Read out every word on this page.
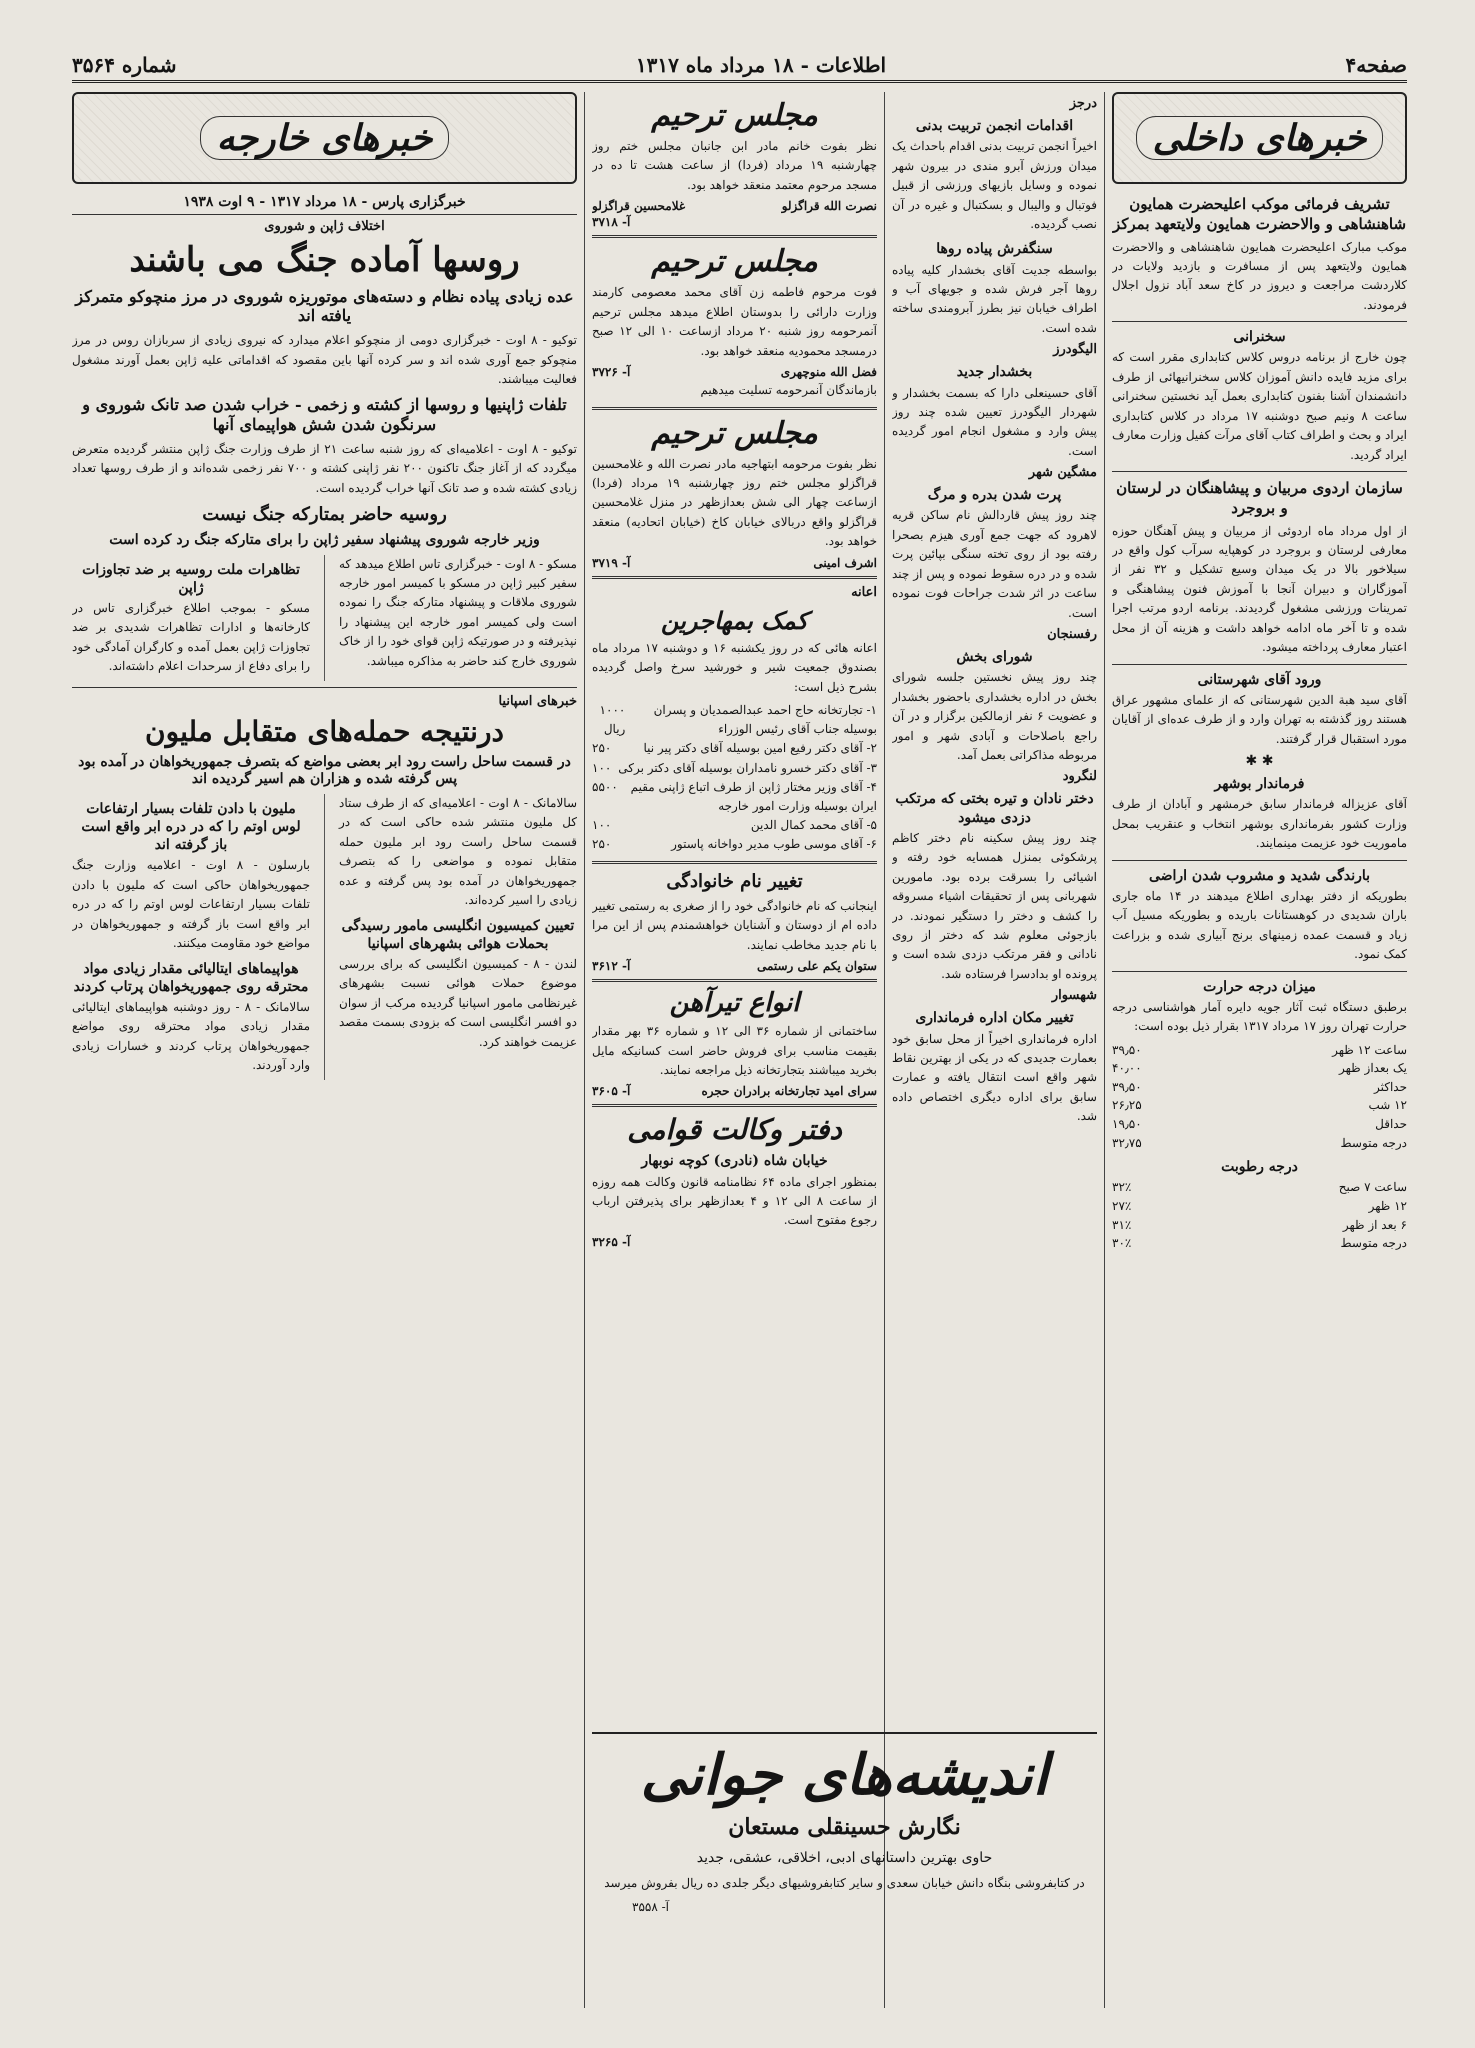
صفحه۴
اطلاعات - ۱۸ مرداد ماه ۱۳۱۷
شماره ۳۵۶۴
خبرهای داخلی
تشریف فرمائی موکب اعلیحضرت همایون شاهنشاهی و والاحضرت همایون ولایتعهد بمرکز

موکب مبارک اعلیحضرت همایون شاهنشاهی و والاحضرت همایون ولایتعهد پس از مسافرت و بازدید ولایات در کلاردشت مراجعت و دیروز در کاخ سعد آباد نزول اجلال فرمودند.

سخنرانی

چون خارج از برنامه دروس کلاس کتابداری مقرر است که برای مزید فایده دانش آموزان کلاس سخنرانیهائی از طرف دانشمندان آشنا بفنون کتابداری بعمل آید نخستین سخنرانی ساعت ۸ ونیم صبح دوشنبه ۱۷ مرداد در کلاس کتابداری ایراد و بحث و اطراف کتاب آقای مرآت کفیل وزارت معارف ایراد گردید.

سازمان اردوی مربیان و پیشاهنگان در لرستان و بروجرد

از اول مرداد ماه اردوئی از مربیان و پیش آهنگان حوزه معارفی لرستان و بروجرد در کوهپایه سرآب کول واقع در سیلاخور بالا در یک میدان وسیع تشکیل و ۳۲ نفر از آموزگاران و دبیران آنجا با آموزش فنون پیشاهنگی و تمرینات ورزشی مشغول گردیدند. برنامه اردو مرتب اجرا شده و تا آخر ماه ادامه خواهد داشت و هزینه آن از محل اعتبار معارف پرداخته میشود.

ورود آقای شهرستانی

آقای سید هبة الدین شهرستانی که از علمای مشهور عراق هستند روز گذشته به تهران وارد و از طرف عده‌ای از آقایان مورد استقبال قرار گرفتند.

✱ ✱
فرماندار بوشهر

آقای عزیزاله فرماندار سابق خرمشهر و آبادان از طرف وزارت کشور بفرمانداری بوشهر انتخاب و عنقریب بمحل ماموریت خود عزیمت مینمایند.

بارندگی شدید و مشروب شدن اراضی

بطوریکه از دفتر بهداری اطلاع میدهند در ۱۴ ماه جاری باران شدیدی در کوهستانات باریده و بطوریکه مسیل آب زیاد و قسمت عمده زمینهای برنج آبیاری شده و بزراعت کمک نمود.

میزان درجه حرارت

برطبق دستگاه ثبت آثار جویه دایره آمار هواشناسی درجه حرارت تهران روز ۱۷ مرداد ۱۳۱۷ بقرار ذیل بوده است:

ساعت ۱۲ ظهر
۳۹٫۵۰
یک بعداز ظهر
۴۰٫۰۰
حداکثر
۳۹٫۵۰
۱۲ شب
۲۶٫۲۵
حداقل
۱۹٫۵۰
درجه متوسط
۳۲٫۷۵
درجه رطوبت
ساعت ۷ صبح
۳۲٪
۱۲ ظهر
۲۷٪
۶ بعد از ظهر
۳۱٪
درجه متوسط
۳۰٪
درجز
اقدامات انجمن تربیت بدنی

اخیراً انجمن تربیت بدنی اقدام باحداث یک میدان ورزش آبرو مندی در بیرون شهر نموده و وسایل بازیهای ورزشی از قبیل فوتبال و والیبال و بسکتبال و غیره در آن نصب گردیده.

سنگفرش پیاده روها

بواسطه جدیت آقای بخشدار کلیه پیاده روها آجر فرش شده و جویهای آب و اطراف خیابان نیز بطرز آبرومندی ساخته شده است.

الیگودرز
بخشدار جدید

آقای حسینعلی دارا که بسمت بخشدار و شهردار الیگودرز تعیین شده چند روز پیش وارد و مشغول انجام امور گردیده است.

مشگین شهر
پرت شدن بدره و مرگ

چند روز پیش قاردالش نام ساکن قریه لاهرود که جهت جمع آوری هیزم بصحرا رفته بود از روی تخته سنگی بپائین پرت شده و در دره سقوط نموده و پس از چند ساعت در اثر شدت جراحات فوت نموده است.

رفسنجان
شورای بخش

چند روز پیش نخستین جلسه شورای بخش در اداره بخشداری باحضور بخشدار و عضویت ۶ نفر ازمالکین برگزار و در آن راجع باصلاحات و آبادی شهر و امور مربوطه مذاکراتی بعمل آمد.

لنگرود
دختر نادان و تیره بختی که مرتکب دزدی میشود

چند روز پیش سکینه نام دختر کاظم پرشکوئی بمنزل همسایه خود رفته و اشیائی را بسرقت برده بود. مامورین شهربانی پس از تحقیقات اشیاء مسروقه را کشف و دختر را دستگیر نمودند. در بازجوئی معلوم شد که دختر از روی نادانی و فقر مرتکب دزدی شده است و پرونده او بدادسرا فرستاده شد.

شهسوار
تغییر مکان اداره فرمانداری

اداره فرمانداری اخیراً از محل سابق خود بعمارت جدیدی که در یکی از بهترین نقاط شهر واقع است انتقال یافته و عمارت سابق برای اداره دیگری اختصاص داده شد.

مجلس ترحیم

نظر بفوت خانم مادر ابن جانبان مجلس ختم روز چهارشنبه ۱۹ مرداد (فردا) از ساعت هشت تا ده در مسجد مرحوم معتمد منعقد خواهد بود.

نصرت الله قراگزلو
غلامحسین قراگزلو
آ- ۳۷۱۸
مجلس ترحیم

فوت مرحوم فاطمه زن آقای محمد معصومی کارمند وزارت دارائی را بدوستان اطلاع میدهد مجلس ترحیم آنمرحومه روز شنبه ۲۰ مرداد ازساعت ۱۰ الی ۱۲ صبح درمسجد محمودیه منعقد خواهد بود.

فضل الله منوچهری
آ- ۳۷۲۶

بازماندگان آنمرحومه تسلیت میدهیم

مجلس ترحیم

نظر بفوت مرحومه ابتهاجیه مادر نصرت الله و غلامحسین قراگزلو مجلس ختم روز چهارشنبه ۱۹ مرداد (فردا) ازساعت چهار الی شش بعدازظهر در منزل غلامحسین قراگزلو واقع دربالای خیابان کاخ (خیابان اتحادیه) منعقد خواهد بود.

اشرف امینی
آ- ۳۷۱۹
اعانه
کمک بمهاجرین

اعانه هائی که در روز یکشنبه ۱۶ و دوشنبه ۱۷ مرداد ماه بصندوق جمعیت شیر و خورشید سرخ واصل گردیده بشرح ذیل است:

۱- تجارتخانه حاج احمد عبدالصمدیان و پسران بوسیله جناب آقای رئیس الوزراء
۱۰۰۰ ریال
۲- آقای دکتر رفیع امین بوسیله آقای دکتر پیر نیا
۲۵۰
۳- آقای دکتر خسرو نامداران بوسیله آقای دکتر برکی
۱۰۰
۴- آقای وزیر مختار ژاپن از طرف اتباع ژاپنی مقیم ایران بوسیله وزارت امور خارجه
۵۵۰۰
۵- آقای محمد کمال الدین
۱۰۰
۶- آقای موسی طوب مدیر دواخانه پاستور
۲۵۰
تغییر نام خانوادگی

اینجانب که نام خانوادگی خود را از صغری به رستمی تغییر داده ام از دوستان و آشنایان خواهشمندم پس از این مرا با نام جدید مخاطب نمایند.

ستوان یکم علی رستمی
آ- ۳۶۱۲
انواع تیرآهن

ساختمانی از شماره ۳۶ الی ۱۲ و شماره ۳۶ بهر مقدار بقیمت مناسب برای فروش حاضر است کسانیکه مایل بخرید میباشند بتجارتخانه ذیل مراجعه نمایند.

سرای امید تجارتخانه برادران حجره
آ- ۳۶۰۵
دفتر وکالت قوامی
خیابان شاه (نادری) کوچه نوبهار

بمنظور اجرای ماده ۶۴ نظامنامه قانون وکالت همه روزه از ساعت ۸ الی ۱۲ و ۴ بعدازظهر برای پذیرفتن ارباب رجوع مفتوح است.

آ- ۳۲۶۵
خبرهای خارجه
خبرگزاری پارس - ۱۸ مرداد ۱۳۱۷ - ۹ اوت ۱۹۳۸
اختلاف ژاپن و شوروی
روسها آماده جنگ می باشند
عده زیادی پیاده نظام و دسته‌های موتوریزه شوروی در مرز منچوکو متمرکز یافته اند

توکیو - ۸ اوت - خبرگزاری دومی از منچوکو اعلام میدارد که نیروی زیادی از سربازان روس در مرز منچوکو جمع آوری شده اند و سر کرده آنها باین مقصود که اقداماتی علیه ژاپن بعمل آورند مشغول فعالیت میباشند.

تلفات ژاپنیها و روسها از کشته و زخمی - خراب شدن صد تانک شوروی و سرنگون شدن شش هواپیمای آنها

توکیو - ۸ اوت - اعلامیه‌ای که روز شنبه ساعت ۲۱ از طرف وزارت جنگ ژاپن منتشر گردیده متعرض میگردد که از آغاز جنگ تاکنون ۲۰۰ نفر ژاپنی کشته و ۷۰۰ نفر زخمی شده‌اند و از طرف روسها تعداد زیادی کشته شده و صد تانک آنها خراب گردیده است.

روسیه حاضر بمتارکه جنگ نیست
وزیر خارجه شوروی پیشنهاد سفیر ژاپن را برای متارکه جنگ رد کرده است

مسکو - ۸ اوت - خبرگزاری تاس اطلاع میدهد که سفیر کبیر ژاپن در مسکو با کمیسر امور خارجه شوروی ملاقات و پیشنهاد متارکه جنگ را نموده است ولی کمیسر امور خارجه این پیشنهاد را نپذیرفته و در صورتیکه ژاپن قوای خود را از خاک شوروی خارج کند حاضر به مذاکره میباشد.

تظاهرات ملت روسیه بر ضد تجاوزات ژاپن

مسکو - بموجب اطلاع خبرگزاری تاس در کارخانه‌ها و ادارات تظاهرات شدیدی بر ضد تجاوزات ژاپن بعمل آمده و کارگران آمادگی خود را برای دفاع از سرحدات اعلام داشته‌اند.

خبرهای اسپانیا
درنتیجه حمله‌های متقابل ملیون
در قسمت ساحل راست رود ابر بعضی مواضع که بتصرف جمهوریخواهان در آمده بود پس گرفته شده و هزاران هم اسیر گردیده اند

سالامانک - ۸ اوت - اعلامیه‌ای که از طرف ستاد کل ملیون منتشر شده حاکی است که در قسمت ساحل راست رود ابر ملیون حمله متقابل نموده و مواضعی را که بتصرف جمهوریخواهان در آمده بود پس گرفته و عده زیادی را اسیر کرده‌اند.

تعیین کمیسیون انگلیسی مامور رسیدگی بحملات هوائی بشهرهای اسپانیا

لندن - ۸ - کمیسیون انگلیسی که برای بررسی موضوع حملات هوائی نسبت بشهرهای غیرنظامی مامور اسپانیا گردیده مرکب از سوان دو افسر انگلیسی است که بزودی بسمت مقصد عزیمت خواهند کرد.

ملیون با دادن تلفات بسیار ارتفاعات لوس اوتم را که در دره ابر واقع است باز گرفته اند

بارسلون - ۸ اوت - اعلامیه وزارت جنگ جمهوریخواهان حاکی است که ملیون با دادن تلفات بسیار ارتفاعات لوس اوتم را که در دره ابر واقع است باز گرفته و جمهوریخواهان در مواضع خود مقاومت میکنند.

هواپیماهای ایتالیائی مقدار زیادی مواد محترقه روی جمهوریخواهان پرتاب کردند

سالامانک - ۸ - روز دوشنبه هواپیماهای ایتالیائی مقدار زیادی مواد محترقه روی مواضع جمهوریخواهان پرتاب کردند و خسارات زیادی وارد آوردند.

اندیشه‌های جوانی
نگارش حسینقلی مستعان
حاوی بهترین داستانهای ادبی، اخلاقی، عشقی، جدید
در کتابفروشی بنگاه دانش خیابان سعدی و سایر کتابفروشیهای دیگر جلدی ده ریال بفروش میرسد
آ- ۳۵۵۸
